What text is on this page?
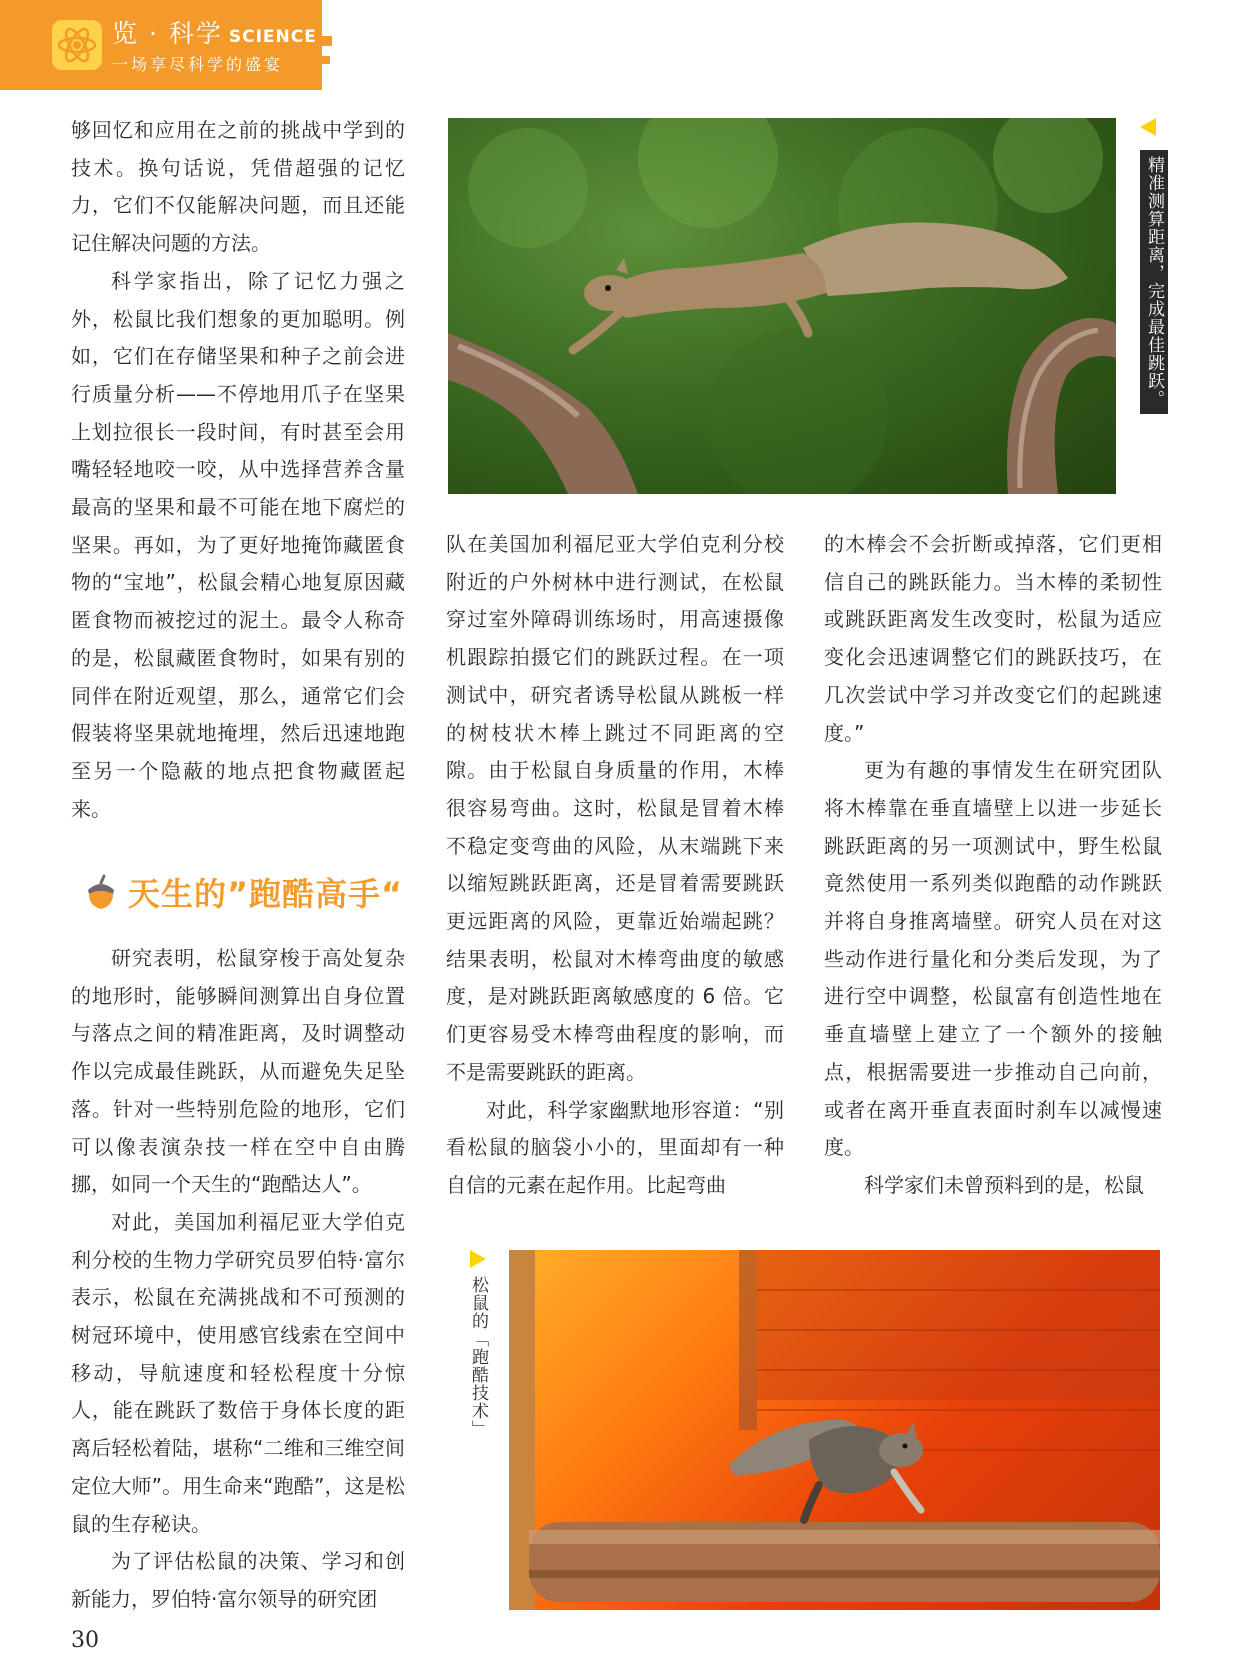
览 · 科学 SCIENCE
一场享尽科学的盛宴

够回忆和应用在之前的挑战中学到的技术。换句话说，凭借超强的记忆力，它们不仅能解决问题，而且还能记住解决问题的方法。

科学家指出，除了记忆力强之外，松鼠比我们想象的更加聪明。例如，它们在存储坚果和种子之前会进行质量分析——不停地用爪子在坚果上划拉很长一段时间，有时甚至会用嘴轻轻地咬一咬，从中选择营养含量最高的坚果和最不可能在地下腐烂的坚果。再如，为了更好地掩饰藏匿食物的“宝地”，松鼠会精心地复原因藏匿食物而被挖过的泥土。最令人称奇的是，松鼠藏匿食物时，如果有别的同伴在附近观望，那么，通常它们会假装将坚果就地掩埋，然后迅速地跑至另一个隐蔽的地点把食物藏匿起来。

天生的”跑酷高手“

研究表明，松鼠穿梭于高处复杂的地形时，能够瞬间测算出自身位置与落点之间的精准距离，及时调整动作以完成最佳跳跃，从而避免失足坠落。针对一些特别危险的地形，它们可以像表演杂技一样在空中自由腾挪，如同一个天生的“跑酷达人”。

对此，美国加利福尼亚大学伯克利分校的生物力学研究员罗伯特·富尔表示，松鼠在充满挑战和不可预测的树冠环境中，使用感官线索在空间中移动，导航速度和轻松程度十分惊人，能在跳跃了数倍于身体长度的距离后轻松着陆，堪称“二维和三维空间定位大师”。用生命来“跑酷”，这是松鼠的生存秘诀。

为了评估松鼠的决策、学习和创新能力，罗伯特·富尔领导的研究团

队在美国加利福尼亚大学伯克利分校附近的户外树林中进行测试，在松鼠穿过室外障碍训练场时，用高速摄像机跟踪拍摄它们的跳跃过程。在一项测试中，研究者诱导松鼠从跳板一样的树枝状木棒上跳过不同距离的空隙。由于松鼠自身质量的作用，木棒很容易弯曲。这时，松鼠是冒着木棒不稳定变弯曲的风险，从末端跳下来以缩短跳跃距离，还是冒着需要跳跃更远距离的风险，更靠近始端起跳？ 结果表明，松鼠对木棒弯曲度的敏感度，是对跳跃距离敏感度的 6 倍。它们更容易受木棒弯曲程度的影响，而不是需要跳跃的距离。

对此，科学家幽默地形容道：“别看松鼠的脑袋小小的，里面却有一种自信的元素在起作用。比起弯曲

的木棒会不会折断或掉落，它们更相信自己的跳跃能力。当木棒的柔韧性或跳跃距离发生改变时，松鼠为适应变化会迅速调整它们的跳跃技巧，在几次尝试中学习并改变它们的起跳速度。”

更为有趣的事情发生在研究团队将木棒靠在垂直墙壁上以进一步延长跳跃距离的另一项测试中，野生松鼠竟然使用一系列类似跑酷的动作跳跃并将自身推离墙壁。研究人员在对这些动作进行量化和分类后发现，为了进行空中调整，松鼠富有创造性地在垂直墙壁上建立了一个额外的接触点，根据需要进一步推动自己向前，或者在离开垂直表面时刹车以减慢速度。

科学家们未曾预料到的是，松鼠

精准测算距离，完成最佳跳跃。
松鼠的「跑酷技术」
30
